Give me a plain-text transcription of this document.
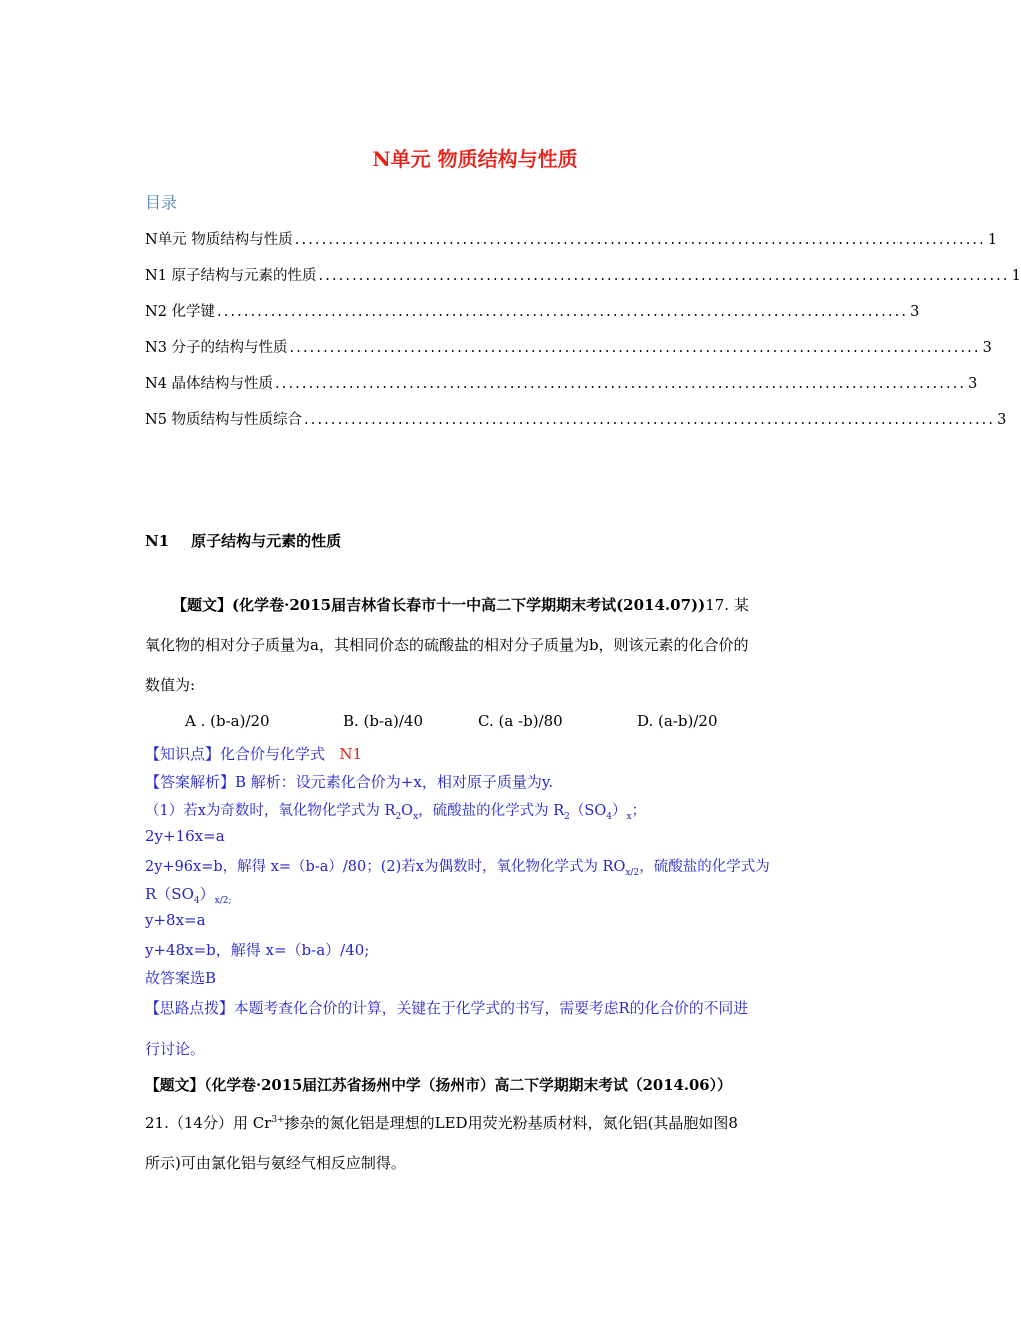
N单元 物质结构与性质
目录
N单元 物质结构与性质 ....................................................................................................... 1
N1 原子结构与元素的性质 ....................................................................................................... 1
N2 化学键 ....................................................................................................... 3
N3 分子的结构与性质 ....................................................................................................... 3
N4 晶体结构与性质 ....................................................................................................... 3
N5 物质结构与性质综合 ....................................................................................................... 3
N1 原子结构与元素的性质
【题文】(化学卷·2015届吉林省长春市十一中高二下学期期末考试(2014.07))17. 某
氧化物的相对分子质量为a，其相同价态的硫酸盐的相对分子质量为b，则该元素的化合价的
数值为:
A . (b-a)/20	B. (b-a)/40	C. (a -b)/80	D. (a-b)/20
【知识点】化合价与化学式 N1
【答案解析】B 解析：设元素化合价为+x，相对原子质量为y.
（1）若x为奇数时，氧化物化学式为 $R_2O_x$，硫酸盐的化学式为 $R_2(SO_4)_x$；
2y+16x=a
2y+96x=b，解得 x=（b-a）/80；(2)若x为偶数时，氧化物化学式为 $RO_{x/2}$，硫酸盐的化学式为
$R(SO_4)_{x/2;}$
y+8x=a
y+48x=b，解得 x=（b-a）/40;
故答案选B
【思路点拨】本题考查化合价的计算，关键在于化学式的书写，需要考虑R的化合价的不同进
行讨论。
【题文】（化学卷·2015届江苏省扬州中学（扬州市）高二下学期期末考试（2014.06））
21.（14分）用 $Cr^{3+}$掺杂的氮化铝是理想的LED用荧光粉基质材料，氮化铝(其晶胞如图8
所示)可由氯化铝与氨经气相反应制得。
